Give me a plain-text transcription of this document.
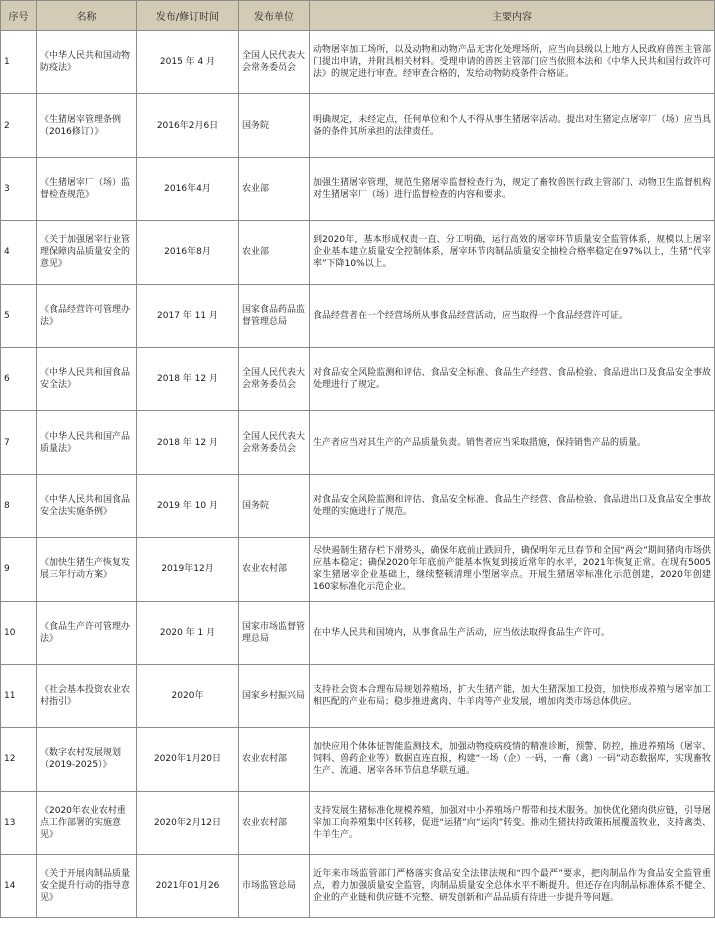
序号	名称	发布/修订时间	发布单位	主要内容
1	《中华人民共和国动物防疫法》	2015 年 4 月	全国人民代表大会常务委员会	动物屠宰加工场所，以及动物和动物产品无害化处理场所，应当向县级以上地方人民政府兽医主管部门提出申请，并附具相关材料。受理申请的兽医主管部门应当依照本法和《中华人民共和国行政许可法》的规定进行审查。经审查合格的，发给动物防疫条件合格证。
2	《生猪屠宰管理条例（2016修订）》	2016年2月6日	国务院	明确规定，未经定点，任何单位和个人不得从事生猪屠宰活动。提出对生猪定点屠宰厂（场）应当具备的条件其所承担的法律责任。
3	《生猪屠宰厂（场）监督检查规范》	2016年4月	农业部	加强生猪屠宰管理，规范生猪屠宰监督检查行为，规定了畜牧兽医行政主管部门、动物卫生监督机构对生猪屠宰厂（场）进行监督检查的内容和要求。
4	《关于加强屠宰行业管理保障肉品质量安全的意见》	2016年8月	农业部	到2020年，基本形成权责一直、分工明确，运行高效的屠宰环节质量安全监管体系，规模以上屠宰企业基本建立质量安全控制体系，屠宰环节肉制品质量安全抽检合格率稳定在97%以上，生猪“代宰率”下降10%以上。
5	《食品经营许可管理办法》	2017 年 11 月	国家食品药品监督管理总局	食品经营者在一个经营场所从事食品经营活动，应当取得一个食品经营许可证。
6	《中华人民共和国食品安全法》	2018 年 12 月	全国人民代表大会常务委员会	对食品安全风险监测和评估、食品安全标准、食品生产经营、食品检验、食品进出口及食品安全事故处理进行了规定。
7	《中华人民共和国产品质量法》	2018 年 12 月	全国人民代表大会常务委员会	生产者应当对其生产的产品质量负责。销售者应当采取措施，保持销售产品的质量。
8	《中华人民共和国食品安全法实施条例》	2019 年 10 月	国务院	对食品安全风险监测和评估、食品安全标准、食品生产经营、食品检验、食品进出口及食品安全事故处理的实施进行了规范。
9	《加快生猪生产恢复发展三年行动方案》	2019年12月	农业农村部	尽快遏制生猪存栏下滑势头，确保年底前止跌回升，确保明年元旦春节和全国“两会”期间猪肉市场供应基本稳定；确保2020年年底前产能基本恢复到接近常年的水平，2021年恢复正常。在现有5005家生猪屠宰企业基础上，继续整顿清理小型屠宰点。开展生猪屠宰标准化示范创建，2020年创建160家标准化示范企业。
10	《食品生产许可管理办法》	2020 年 1 月	国家市场监督管理总局	在中华人民共和国境内，从事食品生产活动，应当依法取得食品生产许可。
11	《社会基本投资农业农村指引》	2020年	国家乡村振兴局	支持社会资本合理布局规划养殖场，扩大生猪产能，加大生猪深加工投资，加快形成养殖与屠宰加工相匹配的产业布局；稳步推进禽肉、牛羊肉等产业发展，增加肉类市场总体供应。
12	《数字农村发展规划（2019-2025）》	2020年1月20日	农业农村部	加快应用个体体征智能监测技术，加强动物疫病疫情的精准诊断，预警、防控，推进养殖场（屠宰、饲料、兽药企业等）数据直连直报，构建“一场（企）一码，一畜（禽）一码”动态数据库，实现畜牧生产、流通、屠宰各环节信息华联互通。
13	《2020年农业农村重点工作部署的实施意见》	2020年2月12日	农业农村部	支持发展生猪标准化规模养殖，加强对中小养殖场户帮带和技术服务。加快优化猪肉供应链，引导屠宰加工向养殖集中区转移，促进“运猪”向“运肉”转变。推动生猪扶持政策拓展覆盖牧业，支持禽类、牛羊生产。
14	《关于开展肉制品质量安全提升行动的指导意见》	2021年01月26	市场监管总局	近年来市场监管部门严格落实食品安全法律法规和“四个最严”要求，把肉制品作为食品安全监管重点，着力加强质量安全监管，肉制品质量安全总体水平不断提升。但还存在肉制品标准体系不健全、企业的产业链和供应链不完整、研发创新和产品品质有待进一步提升等问题。
